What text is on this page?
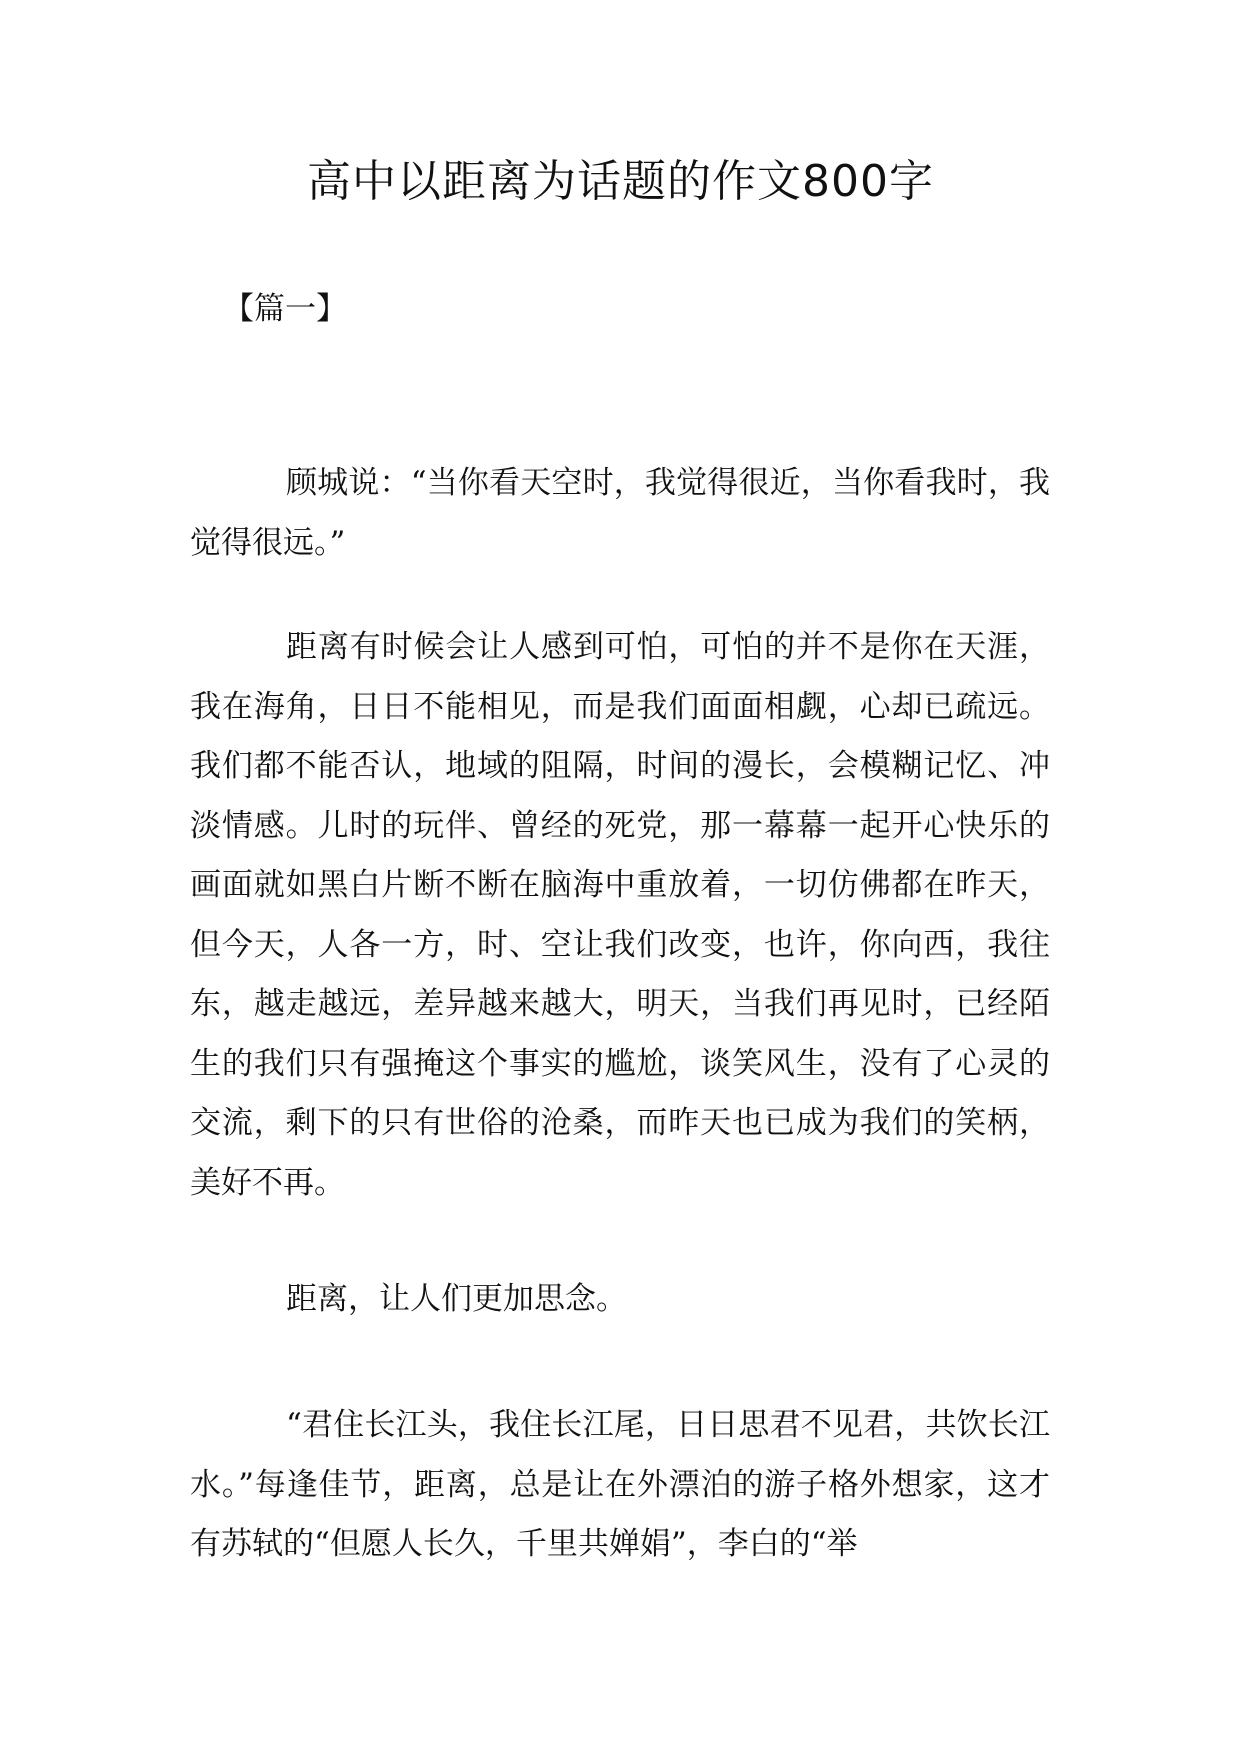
高中以距离为话题的作文800字
【篇一】

顾城说：“当你看天空时，我觉得很近，当你看我时，我觉得很远。”

距离有时候会让人感到可怕，可怕的并不是你在天涯，我在海角，日日不能相见，而是我们面面相觑，心却已疏远。我们都不能否认，地域的阻隔，时间的漫长，会模糊记忆、冲淡情感。儿时的玩伴、曾经的死党，那一幕幕一起开心快乐的画面就如黑白片断不断在脑海中重放着，一切仿佛都在昨天，但今天，人各一方，时、空让我们改变，也许，你向西，我往东，越走越远，差异越来越大，明天，当我们再见时，已经陌生的我们只有强掩这个事实的尴尬，谈笑风生，没有了心灵的交流，剩下的只有世俗的沧桑，而昨天也已成为我们的笑柄，美好不再。

距离，让人们更加思念。

“君住长江头，我住长江尾，日日思君不见君，共饮长江水。”每逢佳节，距离，总是让在外漂泊的游子格外想家，这才有苏轼的“但愿人长久，千里共婵娟”，李白的“举
